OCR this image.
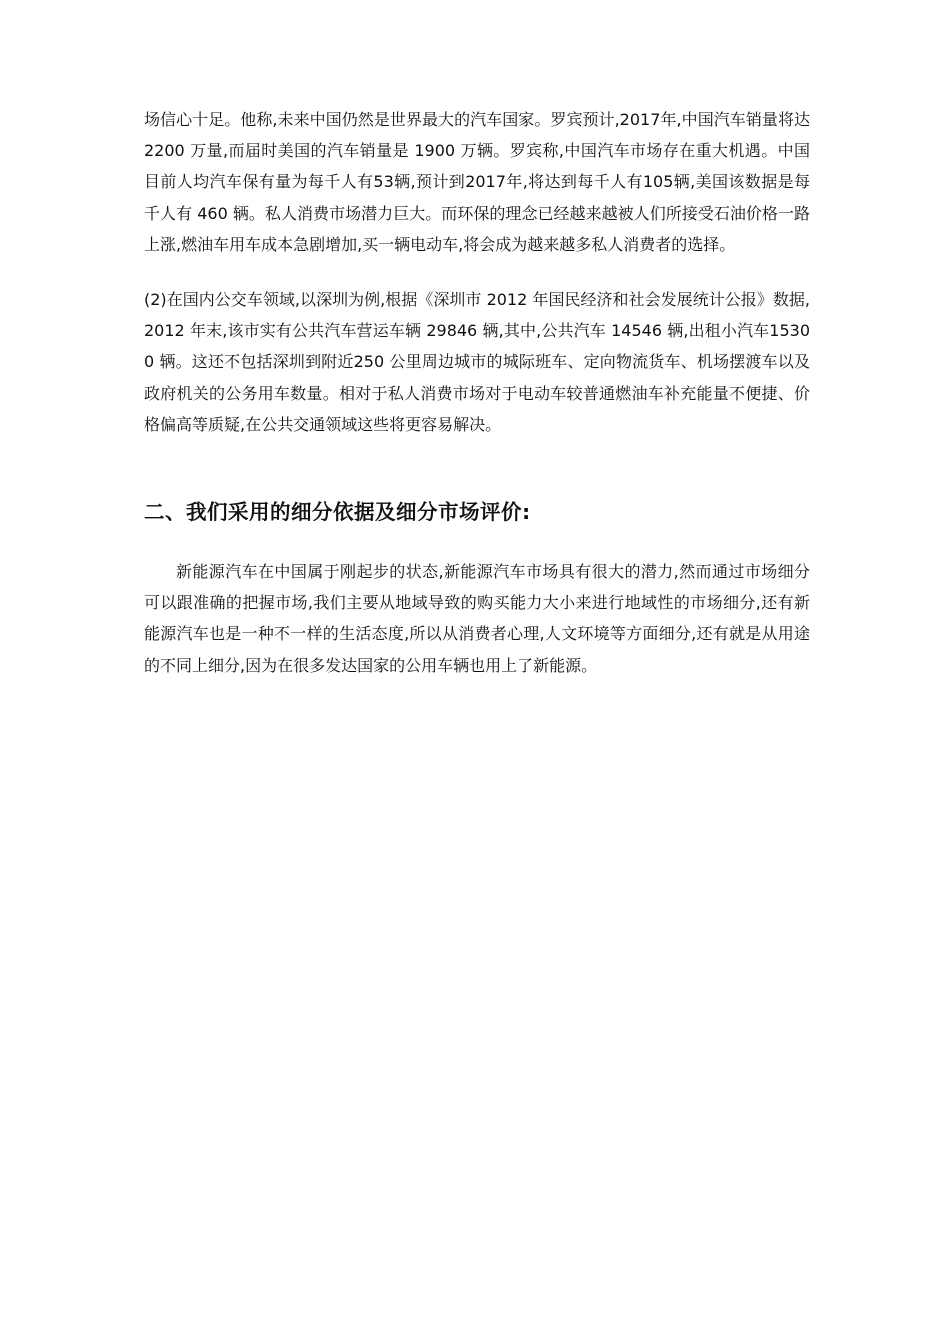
场信心十足。他称,未来中国仍然是世界最大的汽车国家。罗宾预计,2017年,中国汽车销量将达 2200 万量,而届时美国的汽车销量是 1900 万辆。罗宾称,中国汽车市场存在重大机遇。中国目前人均汽车保有量为每千人有53辆,预计到2017年,将达到每千人有105辆,美国该数据是每千人有 460 辆。私人消费市场潜力巨大。而环保的理念已经越来越被人们所接受石油价格一路上涨,燃油车用车成本急剧增加,买一辆电动车,将会成为越来越多私人消费者的选择。

(2)在国内公交车领域,以深圳为例,根据《深圳市 2012 年国民经济和社会发展统计公报》数据,2012 年末,该市实有公共汽车营运车辆 29846 辆,其中,公共汽车 14546 辆,出租小汽车15300 辆。这还不包括深圳到附近250 公里周边城市的城际班车、定向物流货车、机场摆渡车以及政府机关的公务用车数量。相对于私人消费市场对于电动车较普通燃油车补充能量不便捷、价格偏高等质疑,在公共交通领域这些将更容易解决。

二、我们采用的细分依据及细分市场评价:

新能源汽车在中国属于刚起步的状态,新能源汽车市场具有很大的潜力,然而通过市场细分可以跟准确的把握市场,我们主要从地域导致的购买能力大小来进行地域性的市场细分,还有新能源汽车也是一种不一样的生活态度,所以从消费者心理,人文环境等方面细分,还有就是从用途的不同上细分,因为在很多发达国家的公用车辆也用上了新能源。
